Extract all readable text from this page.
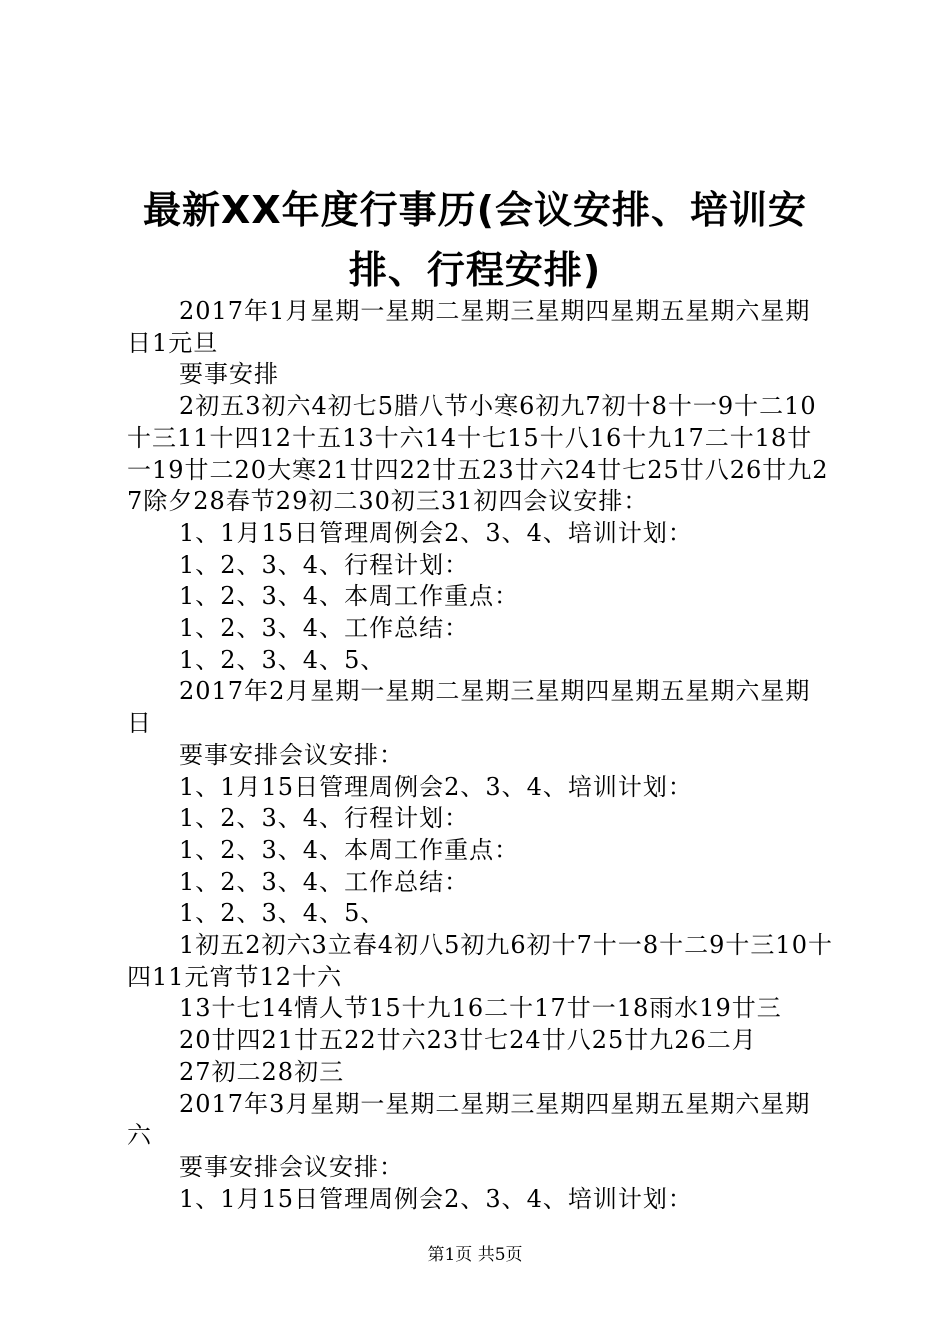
最新XX年度行事历(会议安排、培训安排、行程安排)

2017年1月星期一星期二星期三星期四星期五星期六星期日1元旦

要事安排

2初五3初六4初七5腊八节小寒6初九7初十8十一9十二10十三11十四12十五13十六14十七15十八16十九17二十18廿一19廿二20大寒21廿四22廿五23廿六24廿七25廿八26廿九27除夕28春节29初二30初三31初四会议安排：

1、1月15日管理周例会2、3、4、培训计划：

1、2、3、4、行程计划：

1、2、3、4、本周工作重点：

1、2、3、4、工作总结：

1、2、3、4、5、

2017年2月星期一星期二星期三星期四星期五星期六星期日

要事安排会议安排：

1、1月15日管理周例会2、3、4、培训计划：

1、2、3、4、行程计划：

1、2、3、4、本周工作重点：

1、2、3、4、工作总结：

1、2、3、4、5、

1初五2初六3立春4初八5初九6初十7十一8十二9十三10十四11元宵节12十六

13十七14情人节15十九16二十17廿一18雨水19廿三

20廿四21廿五22廿六23廿七24廿八25廿九26二月

27初二28初三

2017年3月星期一星期二星期三星期四星期五星期六星期六

要事安排会议安排：

1、1月15日管理周例会2、3、4、培训计划：

第1页 共5页
